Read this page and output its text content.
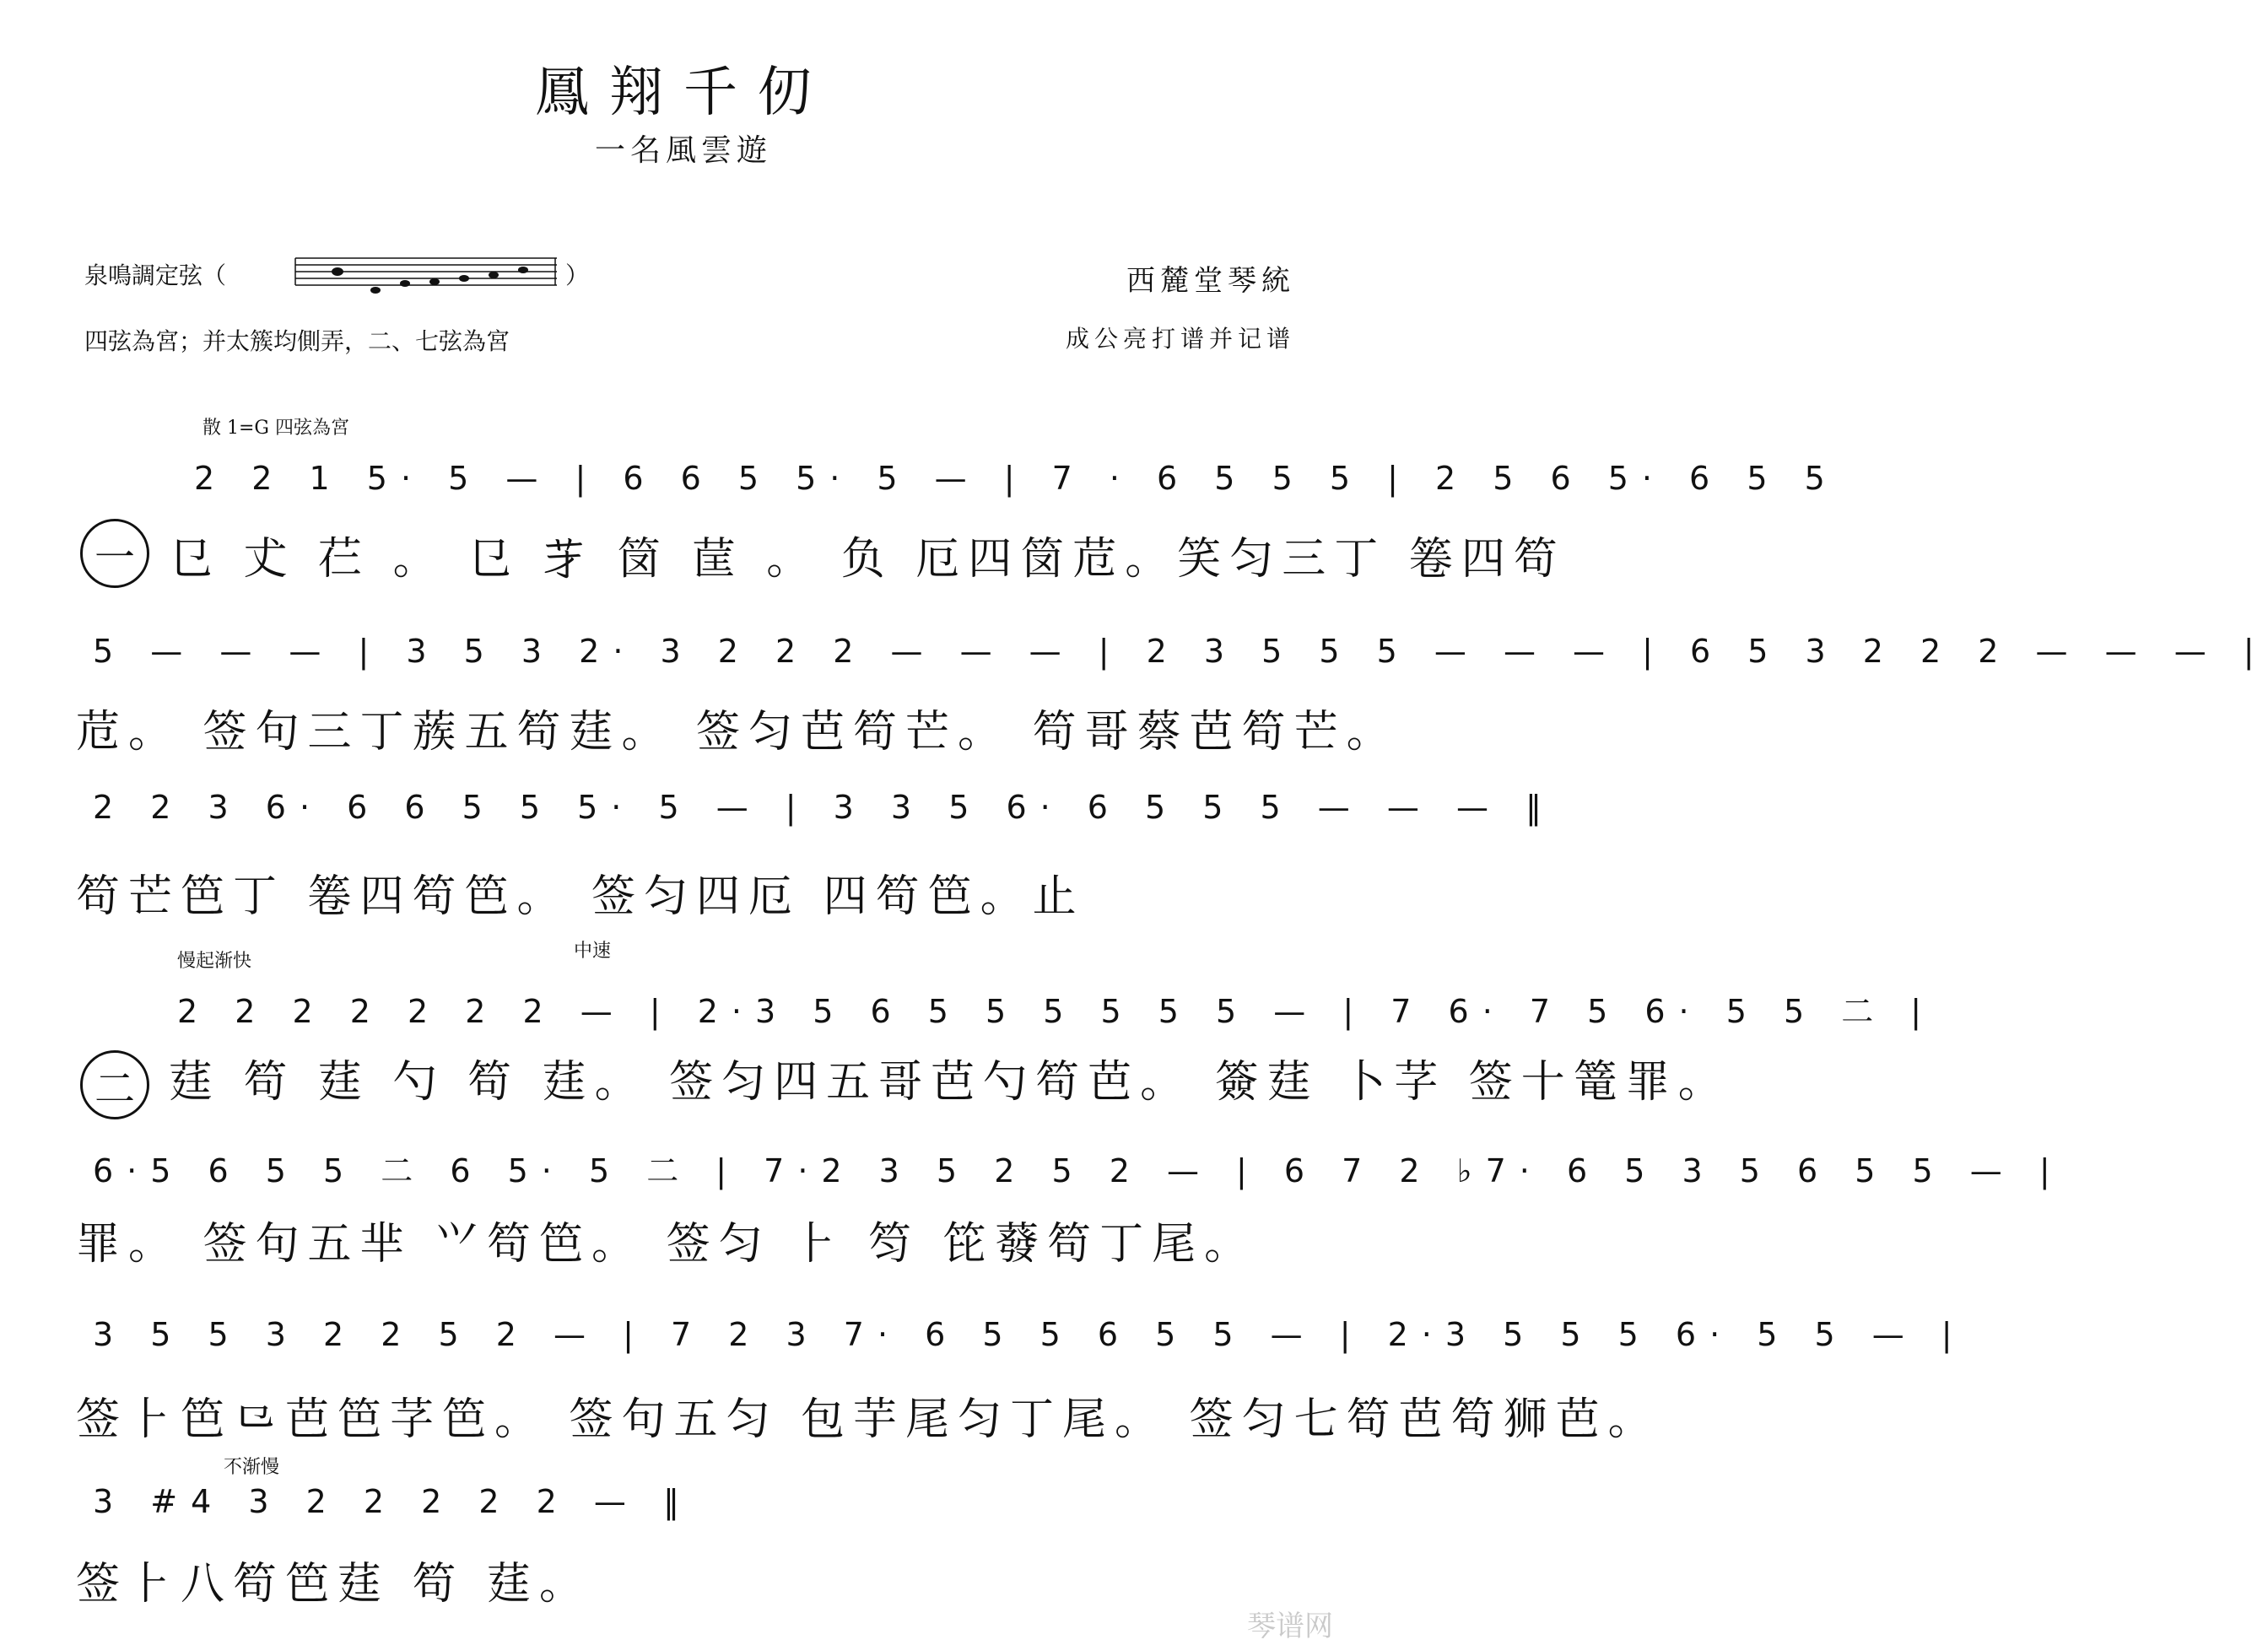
鳳翔千仞
一名風雲遊
泉鳴調定弦（	）
四弦為宮；并太簇均側弄，二、七弦為宮
西麓堂琴統
成公亮打谱并记谱
散 1=G 四弦為宮
一
2 2 1 5· 5 — | 6 6 5 5· 5 — | 7 · 6 5 5 5 | 2 5 6 5· 6 5 5
㔾 𠀋 芢 。 㔾 𦬁 笝 䒰 。 负 厄四笝苊。笑匀三丁 箞四笱
5 — — — | 3 5 3 2· 3 2 2 2 — — — | 2 3 5 5 5 — — — | 6 5 3 2 2 2 — — — |
苊。 签句三丁蔟五笱莛。 签匀芭笱芒。 笱哥蔡芭笱芒。
2 2 3 6· 6 6 5 5 5· 5 — | 3 3 5 6· 6 5 5 5 — — — ‖
笱芒笆丁 箞四笱笆。 签匀四厄 四笱笆。止
慢起渐快	中速
二
2 2 2 2 2 2 2 — | 2·3 5 6 5 5 5 5 5 5 — | 7 6· 7 5 6· 5 5 二 |
莛 笱 莛 勺 笱 莛。 签匀四五哥芭勺笱芭。 簽莛 卜芓 签十篭罪。
6·5 6 5 5 二 6 5· 5 二 | 7·2 3 5 2 5 2 — | 6 7 2 ♭7· 6 5 3 5 6 5 5 — |
罪。 签句五芈 ⺍笱笆。 签匀 ⺊ 笉 笓蕟笱丁尾。
3 5 5 3 2 2 5 2 — | 7 2 3 7· 6 5 5 6 5 5 — | 2·3 5 5 5 6· 5 5 — |
签⺊笆⺋芭笆芓笆。 签句五匀 包芋尾匀丁尾。 签匀七笱芭笱狮芭。
不渐慢
3 #4 3 2 2 2 2 2 — ‖
签⺊八笱笆莛 笱 莛。
琴谱网
